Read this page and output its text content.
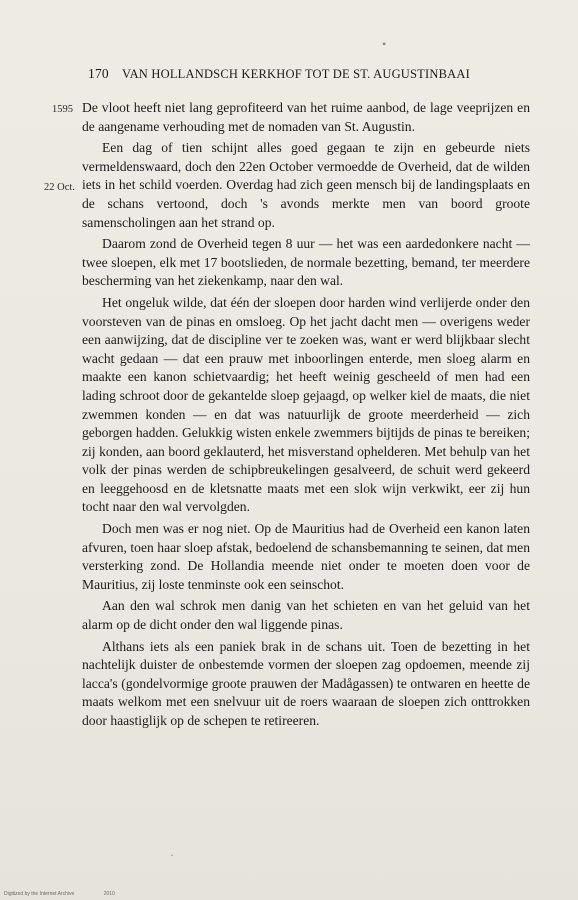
•
170 VAN HOLLANDSCH KERKHOF TOT DE ST. AUGUSTINBAAI
1595
22 Oct.

De vloot heeft niet lang geprofiteerd van het ruime aanbod, de lage veeprijzen en de aangename verhouding met de nomaden van St. Augustin.

Een dag of tien schijnt alles goed gegaan te zijn en gebeurde niets vermeldenswaard, doch den 22en October vermoedde de Overheid, dat de wilden iets in het schild voerden. Overdag had zich geen mensch bij de landingsplaats en de schans vertoond, doch 's avonds merkte men van boord groote samenscholingen aan het strand op.

Daarom zond de Overheid tegen 8 uur — het was een aardedonkere nacht — twee sloepen, elk met 17 bootslieden, de normale bezetting, bemand, ter meerdere bescherming van het ziekenkamp, naar den wal.

Het ongeluk wilde, dat één der sloepen door harden wind verlijerde onder den voorsteven van de pinas en omsloeg. Op het jacht dacht men — overigens weder een aanwijzing, dat de discipline ver te zoeken was, want er werd blijkbaar slecht wacht gedaan — dat een prauw met inboorlingen enterde, men sloeg alarm en maakte een kanon schietvaardig; het heeft weinig gescheeld of men had een lading schroot door de gekantelde sloep gejaagd, op welker kiel de maats, die niet zwemmen konden — en dat was natuurlijk de groote meerderheid — zich geborgen hadden. Gelukkig wisten enkele zwemmers bijtijds de pinas te bereiken; zij konden, aan boord geklauterd, het misverstand ophelderen. Met behulp van het volk der pinas werden de schipbreukelingen gesalveerd, de schuit werd gekeerd en leeggehoosd en de kletsnatte maats met een slok wijn verkwikt, eer zij hun tocht naar den wal vervolgden.

Doch men was er nog niet. Op de Mauritius had de Overheid een kanon laten afvuren, toen haar sloep afstak, bedoelend de schansbemanning te seinen, dat men versterking zond. De Hollandia meende niet onder te moeten doen voor de Mauritius, zij loste tenminste ook een seinschot.

Aan den wal schrok men danig van het schieten en van het geluid van het alarm op de dicht onder den wal liggende pinas.

Althans iets als een paniek brak in de schans uit. Toen de bezetting in het nachtelijk duister de onbestemde vormen der sloepen zag opdoemen, meende zij lacca's (gondelvormige groote prauwen der Madågassen) te ontwaren en heette de maats welkom met een snelvuur uit de roers waaraan de sloepen zich onttrokken door haastiglijk op de schepen te retireeren.

·
Digitized by the Internet Archive	2010
